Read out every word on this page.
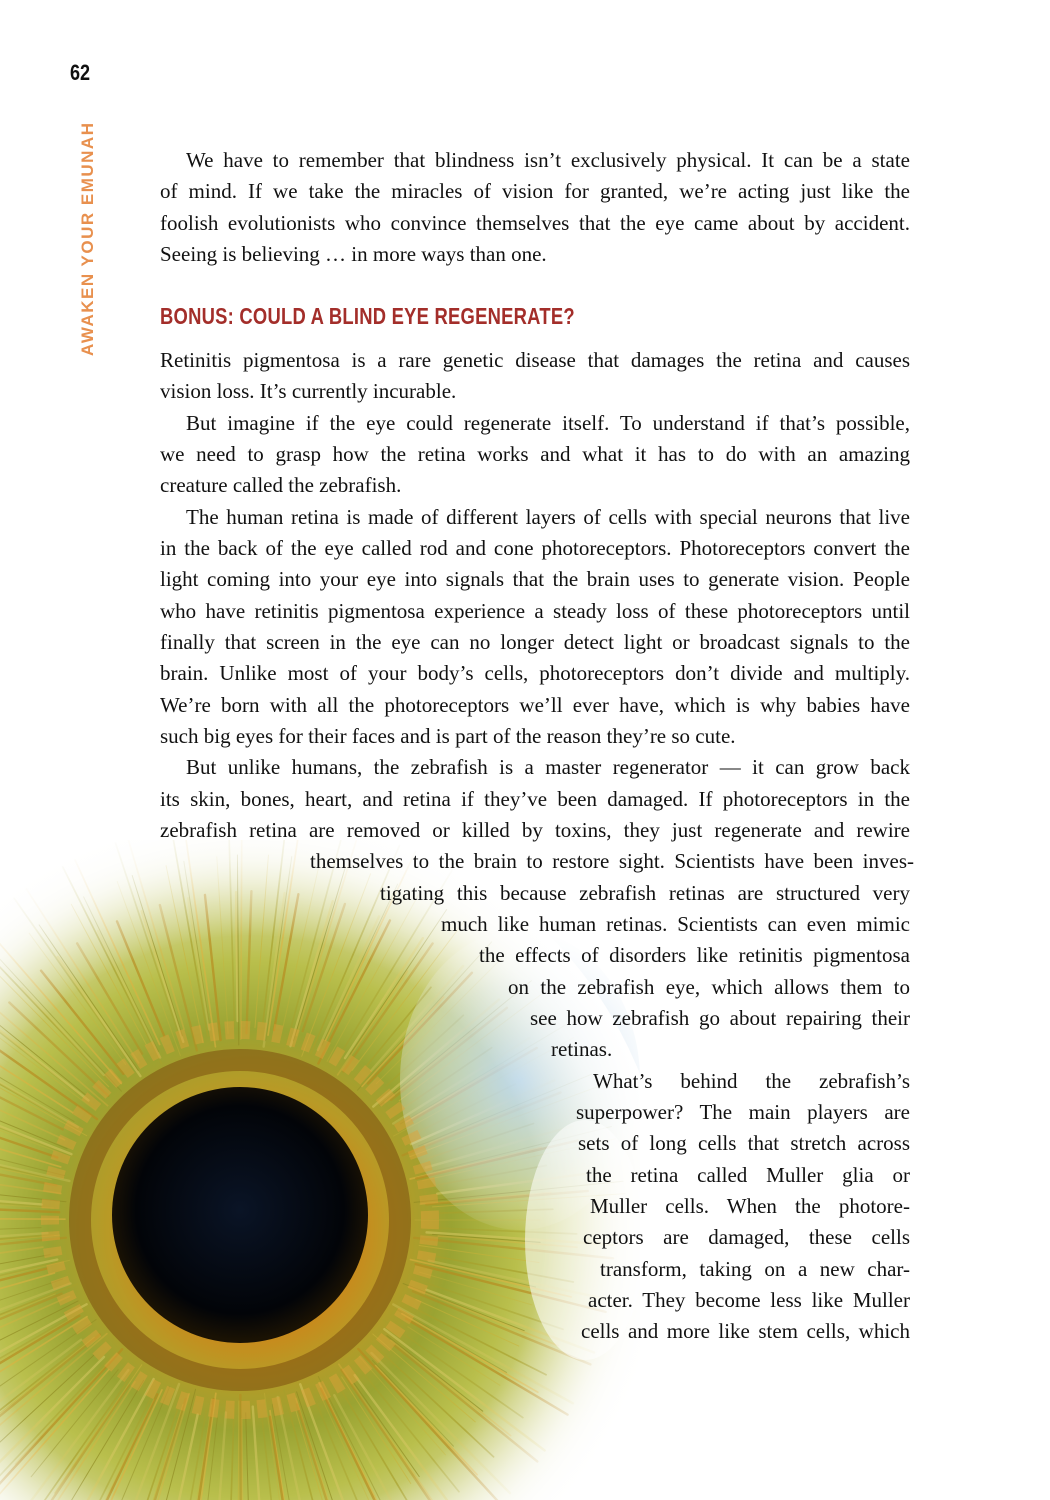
62
AWAKEN YOUR EMUNAH	BONUS: COULD A BLIND EYE REGENERATE?
We have to remember that blindness isn’t exclusively physical. It can be a state
of mind. If we take the miracles of vision for granted, we’re acting just like the
foolish evolutionists who convince themselves that the eye came about by accident.
Seeing is believing … in more ways than one.
Retinitis pigmentosa is a rare genetic disease that damages the retina and causes
vision loss. It’s currently incurable.
But imagine if the eye could regenerate itself. To understand if that’s possible,
we need to grasp how the retina works and what it has to do with an amazing
creature called the zebrafish.
The human retina is made of different layers of cells with special neurons that live
in the back of the eye called rod and cone photoreceptors. Photoreceptors convert the
light coming into your eye into signals that the brain uses to generate vision. People
who have retinitis pigmentosa experience a steady loss of these photoreceptors until
finally that screen in the eye can no longer detect light or broadcast signals to the
brain. Unlike most of your body’s cells, photoreceptors don’t divide and multiply.
We’re born with all the photoreceptors we’ll ever have, which is why babies have
such big eyes for their faces and is part of the reason they’re so cute.
But unlike humans, the zebrafish is a master regenerator — it can grow back
its skin, bones, heart, and retina if they’ve been damaged. If photoreceptors in the
zebrafish retina are removed or killed by toxins, they just regenerate and rewire
themselves to the brain to restore sight. Scientists have been inves-
tigating this because zebrafish retinas are structured very
much like human retinas. Scientists can even mimic
the effects of disorders like retinitis pigmentosa
on the zebrafish eye, which allows them to
see how zebrafish go about repairing their
retinas.
What’s behind the zebrafish’s
superpower? The main players are
sets of long cells that stretch across
the retina called Muller glia or
Muller cells. When the photore-
ceptors are damaged, these cells
transform, taking on a new char-
acter. They become less like Muller
cells and more like stem cells, which
